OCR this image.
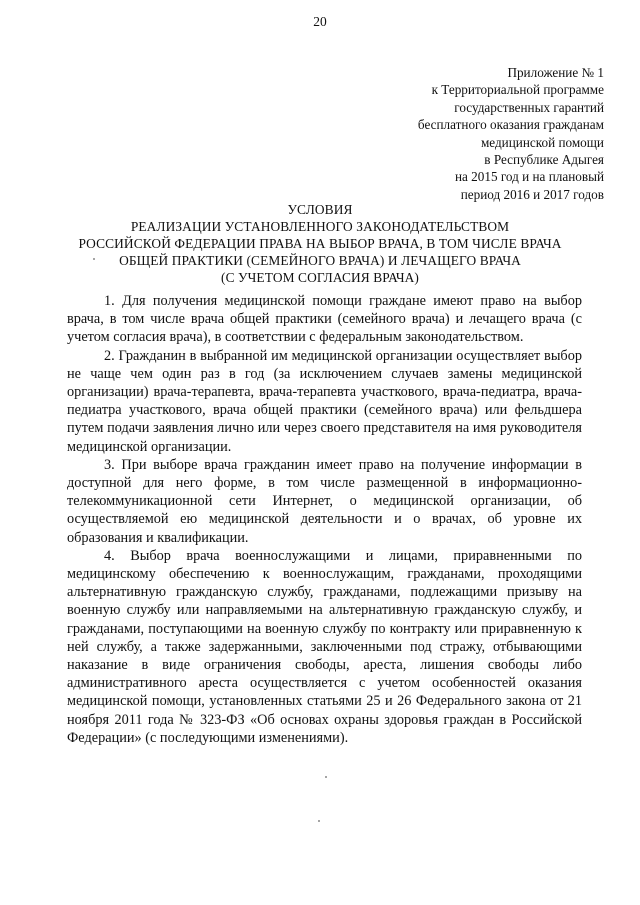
20
Приложение № 1
к Территориальной программе
государственных гарантий
бесплатного оказания гражданам
медицинской помощи
в Республике Адыгея
на 2015 год и на плановый
период 2016 и 2017 годов
УСЛОВИЯ
РЕАЛИЗАЦИИ УСТАНОВЛЕННОГО ЗАКОНОДАТЕЛЬСТВОМ
РОССИЙСКОЙ ФЕДЕРАЦИИ ПРАВА НА ВЫБОР ВРАЧА, В ТОМ ЧИСЛЕ ВРАЧА
ОБЩЕЙ ПРАКТИКИ (СЕМЕЙНОГО ВРАЧА) И ЛЕЧАЩЕГО ВРАЧА
(С УЧЕТОМ СОГЛАСИЯ ВРАЧА)

1. Для получения медицинской помощи граждане имеют право на выбор врача, в том числе врача общей практики (семейного врача) и лечащего врача (с учетом согласия врача), в соответствии с федеральным законодательством.

2. Гражданин в выбранной им медицинской организации осуществляет выбор не чаще чем один раз в год (за исключением случаев замены медицинской организации) врача-терапевта, врача-терапевта участкового, врача-педиатра, врача-педиатра участкового, врача общей практики (семейного врача) или фельдшера путем подачи заявления лично или через своего представителя на имя руководителя медицинской организации.

3. При выборе врача гражданин имеет право на получение информации в доступной для него форме, в том числе размещенной в информационно-телекоммуникационной сети Интернет, о медицинской организации, об осуществляемой ею медицинской деятельности и о врачах, об уровне их образования и квалификации.

4. Выбор врача военнослужащими и лицами, приравненными по медицинскому обеспечению к военнослужащим, гражданами, проходящими альтернативную гражданскую службу, гражданами, подлежащими призыву на военную службу или направляемыми на альтернативную гражданскую службу, и гражданами, поступающими на военную службу по контракту или приравненную к ней службу, а также задержанными, заключенными под стражу, отбывающими наказание в виде ограничения свободы, ареста, лишения свободы либо административного ареста осуществляется с учетом особенностей оказания медицинской помощи, установленных статьями 25 и 26 Федерального закона от 21 ноября 2011 года № 323-ФЗ «Об основах охраны здоровья граждан в Российской Федерации» (с последующими изменениями).
